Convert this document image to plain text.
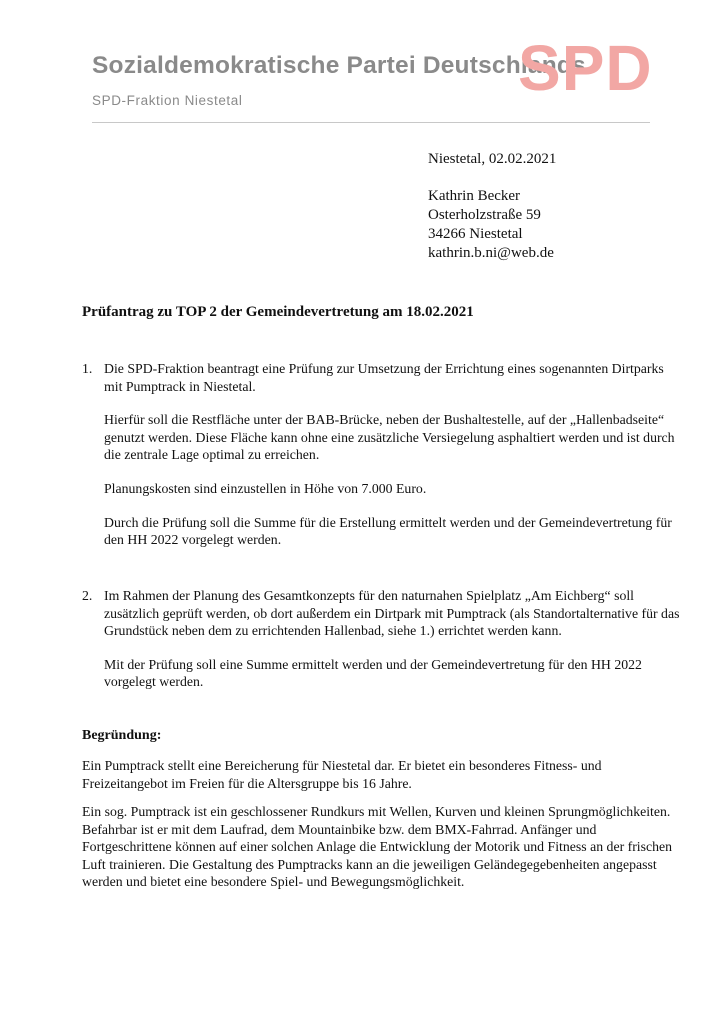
Sozialdemokratische Partei Deutschlands
SPD-Fraktion Niestetal	SPD
Niestetal, 02.02.2021
Kathrin Becker
Osterholzstraße 59
34266 Niestetal
kathrin.b.ni@web.de
Prüfantrag zu TOP 2 der Gemeindevertretung am 18.02.2021
1. Die SPD-Fraktion beantragt eine Prüfung zur Umsetzung der Errichtung eines sogenannten Dirtparks mit Pumptrack in Niestetal.

Hierfür soll die Restfläche unter der BAB-Brücke, neben der Bushaltestelle, auf der „Hallenbadseite“ genutzt werden. Diese Fläche kann ohne eine zusätzliche Versiegelung asphaltiert werden und ist durch die zentrale Lage optimal zu erreichen.

Planungskosten sind einzustellen in Höhe von 7.000 Euro.

Durch die Prüfung soll die Summe für die Erstellung ermittelt werden und der Gemeindevertretung für den HH 2022 vorgelegt werden.

2. Im Rahmen der Planung des Gesamtkonzepts für den naturnahen Spielplatz „Am Eichberg“ soll zusätzlich geprüft werden, ob dort außerdem ein Dirtpark mit Pumptrack (als Standortalternative für das Grundstück neben dem zu errichtenden Hallenbad, siehe 1.) errichtet werden kann.

Mit der Prüfung soll eine Summe ermittelt werden und der Gemeindevertretung für den HH 2022 vorgelegt werden.

Begründung:
Ein Pumptrack stellt eine Bereicherung für Niestetal dar. Er bietet ein besonderes Fitness- und Freizeitangebot im Freien für die Altersgruppe bis 16 Jahre.
Ein sog. Pumptrack ist ein geschlossener Rundkurs mit Wellen, Kurven und kleinen Sprungmöglichkeiten. Befahrbar ist er mit dem Laufrad, dem Mountainbike bzw. dem BMX-Fahrrad. Anfänger und Fortgeschrittene können auf einer solchen Anlage die Entwicklung der Motorik und Fitness an der frischen Luft trainieren. Die Gestaltung des Pumptracks kann an die jeweiligen Geländegegebenheiten angepasst werden und bietet eine besondere Spiel- und Bewegungsmöglichkeit.
